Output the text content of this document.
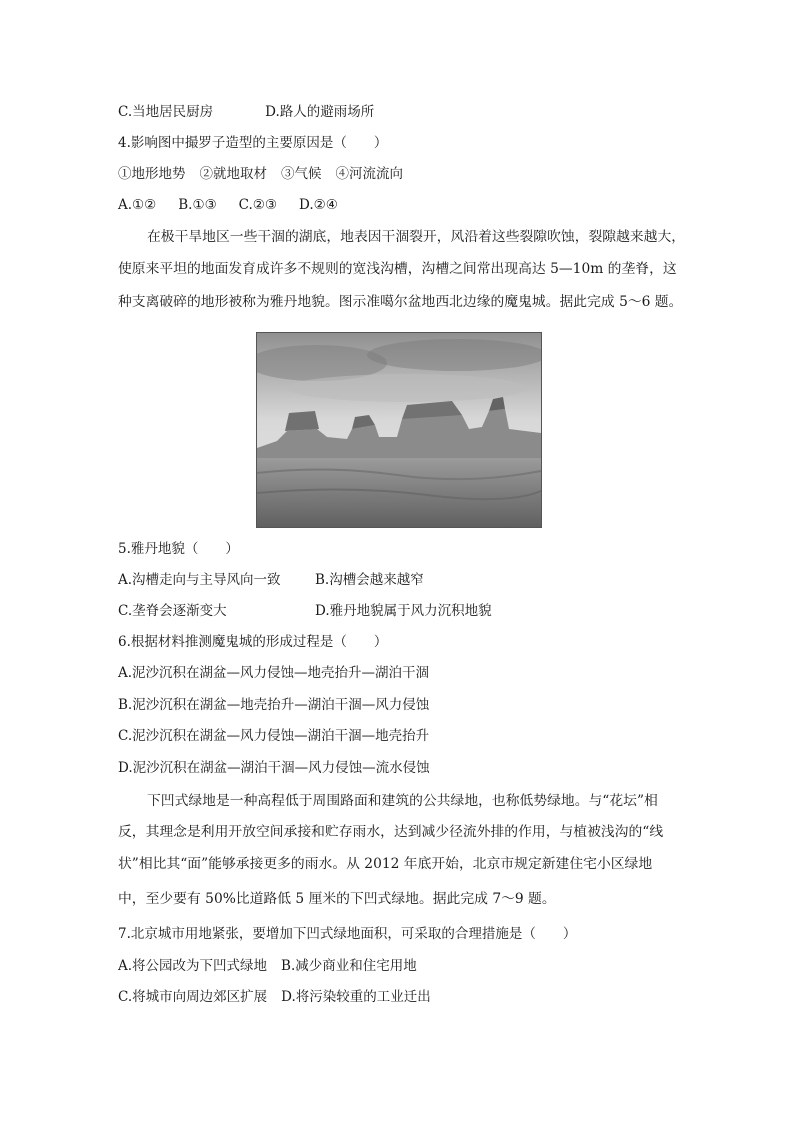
C.当地居民厨房	D.路人的避雨场所
4.影响图中撮罗子造型的主要原因是（　　）
①地形地势 ②就地取材 ③气候 ④河流流向
A.①② B.①③ C.②③ D.②④
在极干旱地区一些干涸的湖底，地表因干涸裂开，风沿着这些裂隙吹蚀，裂隙越来越大，
使原来平坦的地面发育成许多不规则的宽浅沟槽，沟槽之间常出现高达 5—10m 的垄脊，这
种支离破碎的地形被称为雅丹地貌。图示准噶尔盆地西北边缘的魔鬼城。据此完成 5～6 题。
5.雅丹地貌（　　）
A.沟槽走向与主导风向一致	B.沟槽会越来越窄
C.垄脊会逐渐变大	D.雅丹地貌属于风力沉积地貌
6.根据材料推测魔鬼城的形成过程是（　　）
A.泥沙沉积在湖盆—风力侵蚀—地壳抬升—湖泊干涸
B.泥沙沉积在湖盆—地壳抬升—湖泊干涸—风力侵蚀
C.泥沙沉积在湖盆—风力侵蚀—湖泊干涸—地壳抬升
D.泥沙沉积在湖盆—湖泊干涸—风力侵蚀—流水侵蚀
下凹式绿地是一种高程低于周围路面和建筑的公共绿地，也称低势绿地。与“花坛”相
反，其理念是利用开放空间承接和贮存雨水，达到减少径流外排的作用，与植被浅沟的“线
状”相比其“面”能够承接更多的雨水。从 2012 年底开始，北京市规定新建住宅小区绿地
中，至少要有 50%比道路低 5 厘米的下凹式绿地。据此完成 7～9 题。
7.北京城市用地紧张，要增加下凹式绿地面积，可采取的合理措施是（　　）
A.将公园改为下凹式绿地 B.减少商业和住宅用地
C.将城市向周边郊区扩展 D.将污染较重的工业迁出
